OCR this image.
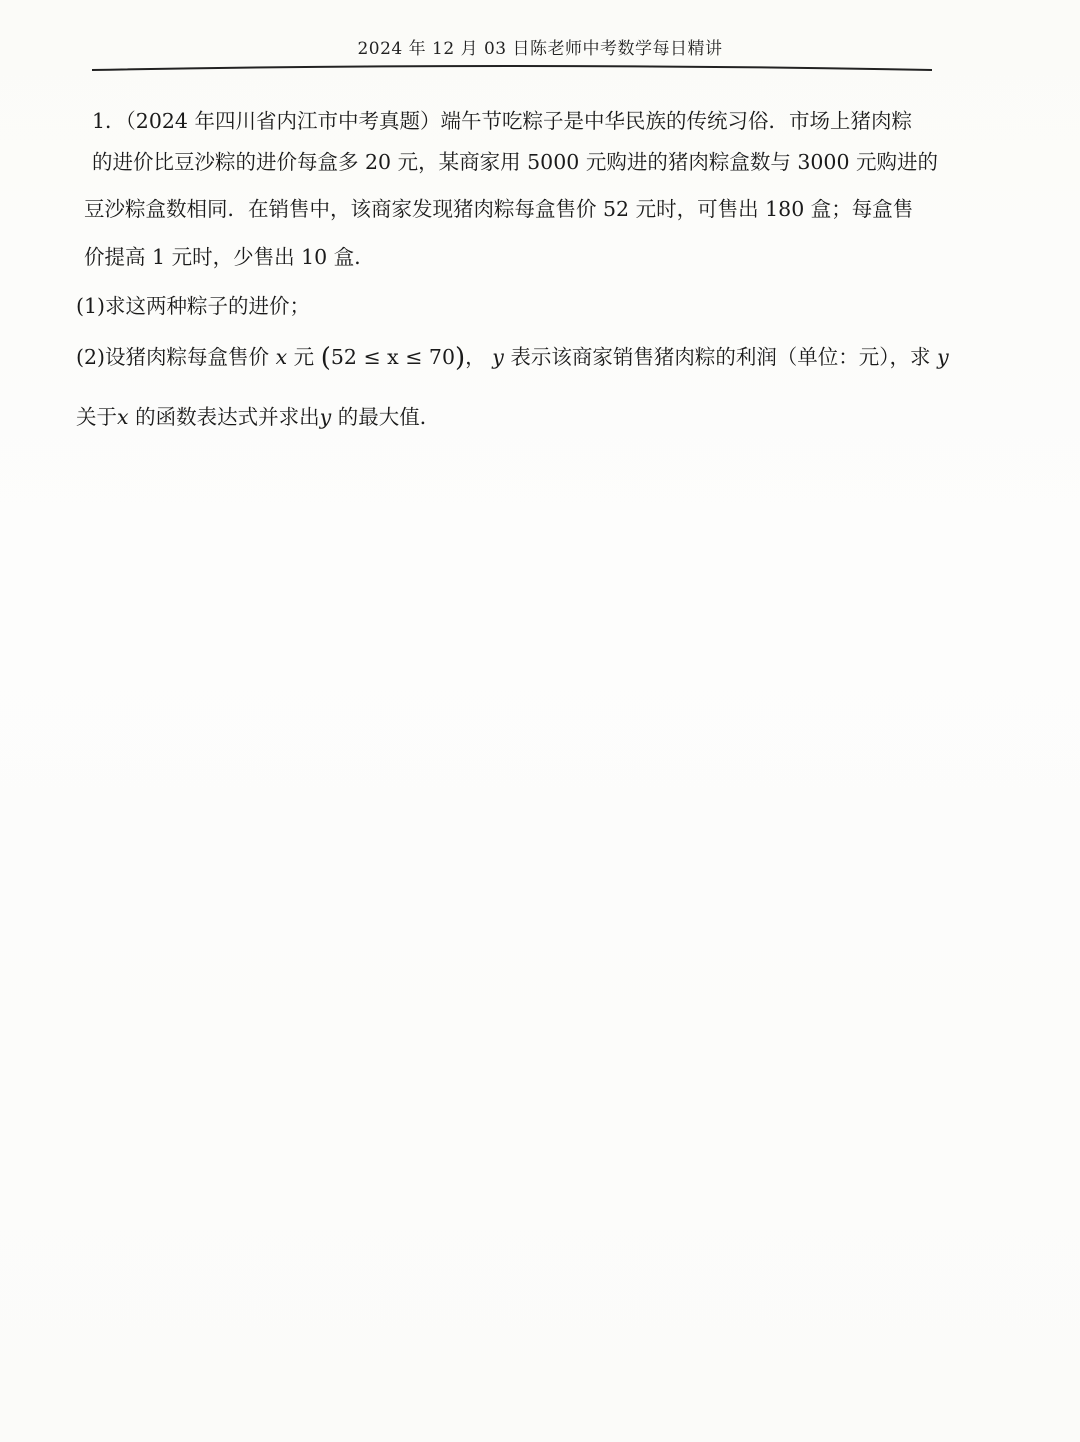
2024 年 12 月 03 日陈老师中考数学每日精讲
1．（2024 年四川省内江市中考真题）端午节吃粽子是中华民族的传统习俗．市场上猪肉粽
的进价比豆沙粽的进价每盒多 20 元，某商家用 5000 元购进的猪肉粽盒数与 3000 元购进的
豆沙粽盒数相同．在销售中，该商家发现猪肉粽每盒售价 52 元时，可售出 180 盒；每盒售
价提高 1 元时，少售出 10 盒．
(1)求这两种粽子的进价；
(2)设猪肉粽每盒售价 x 元 (52 ≤ x ≤ 70)， y 表示该商家销售猪肉粽的利润（单位：元），求 y
关于x 的函数表达式并求出y 的最大值．
